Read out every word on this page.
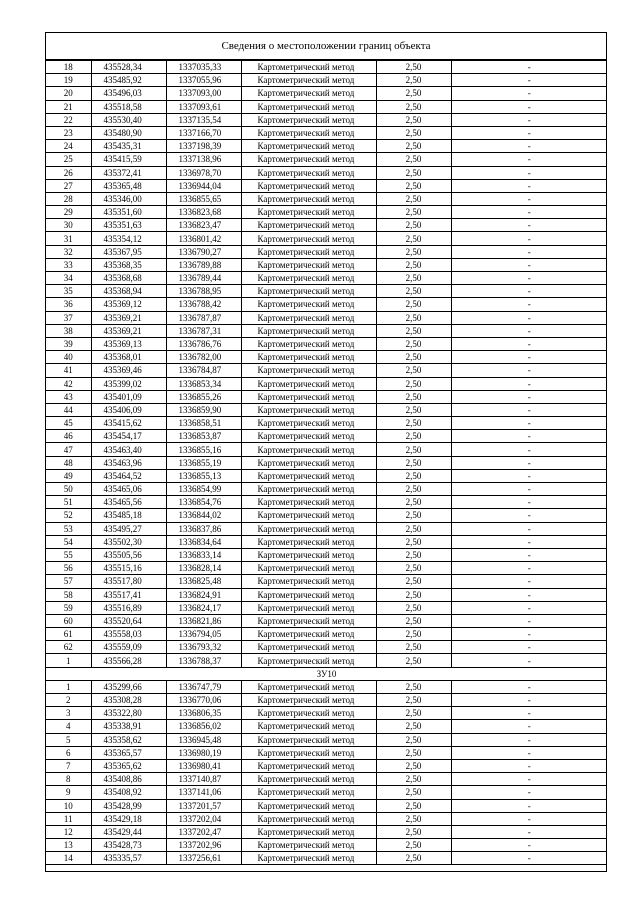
Сведения о местоположении границ объекта
18	435528,34	1337035,33	Картометрический метод	2,50	-
19	435485,92	1337055,96	Картометрический метод	2,50	-
20	435496,03	1337093,00	Картометрический метод	2,50	-
21	435518,58	1337093,61	Картометрический метод	2,50	-
22	435530,40	1337135,54	Картометрический метод	2,50	-
23	435480,90	1337166,70	Картометрический метод	2,50	-
24	435435,31	1337198,39	Картометрический метод	2,50	-
25	435415,59	1337138,96	Картометрический метод	2,50	-
26	435372,41	1336978,70	Картометрический метод	2,50	-
27	435365,48	1336944,04	Картометрический метод	2,50	-
28	435346,00	1336855,65	Картометрический метод	2,50	-
29	435351,60	1336823,68	Картометрический метод	2,50	-
30	435351,63	1336823,47	Картометрический метод	2,50	-
31	435354,12	1336801,42	Картометрический метод	2,50	-
32	435367,95	1336790,27	Картометрический метод	2,50	-
33	435368,35	1336789,88	Картометрический метод	2,50	-
34	435368,68	1336789,44	Картометрический метод	2,50	-
35	435368,94	1336788,95	Картометрический метод	2,50	-
36	435369,12	1336788,42	Картометрический метод	2,50	-
37	435369,21	1336787,87	Картометрический метод	2,50	-
38	435369,21	1336787,31	Картометрический метод	2,50	-
39	435369,13	1336786,76	Картометрический метод	2,50	-
40	435368,01	1336782,00	Картометрический метод	2,50	-
41	435369,46	1336784,87	Картометрический метод	2,50	-
42	435399,02	1336853,34	Картометрический метод	2,50	-
43	435401,09	1336855,26	Картометрический метод	2,50	-
44	435406,09	1336859,90	Картометрический метод	2,50	-
45	435415,62	1336858,51	Картометрический метод	2,50	-
46	435454,17	1336853,87	Картометрический метод	2,50	-
47	435463,40	1336855,16	Картометрический метод	2,50	-
48	435463,96	1336855,19	Картометрический метод	2,50	-
49	435464,52	1336855,13	Картометрический метод	2,50	-
50	435465,06	1336854,99	Картометрический метод	2,50	-
51	435465,56	1336854,76	Картометрический метод	2,50	-
52	435485,18	1336844,02	Картометрический метод	2,50	-
53	435495,27	1336837,86	Картометрический метод	2,50	-
54	435502,30	1336834,64	Картометрический метод	2,50	-
55	435505,56	1336833,14	Картометрический метод	2,50	-
56	435515,16	1336828,14	Картометрический метод	2,50	-
57	435517,80	1336825,48	Картометрический метод	2,50	-
58	435517,41	1336824,91	Картометрический метод	2,50	-
59	435516,89	1336824,17	Картометрический метод	2,50	-
60	435520,64	1336821,86	Картометрический метод	2,50	-
61	435558,03	1336794,05	Картометрический метод	2,50	-
62	435559,09	1336793,32	Картометрический метод	2,50	-
1	435566,28	1336788,37	Картометрический метод	2,50	-
ЗУ10					
1	435299,66	1336747,79	Картометрический метод	2,50	-
2	435308,28	1336770,06	Картометрический метод	2,50	-
3	435322,80	1336806,35	Картометрический метод	2,50	-
4	435338,91	1336856,02	Картометрический метод	2,50	-
5	435358,62	1336945,48	Картометрический метод	2,50	-
6	435365,57	1336980,19	Картометрический метод	2,50	-
7	435365,62	1336980,41	Картометрический метод	2,50	-
8	435408,86	1337140,87	Картометрический метод	2,50	-
9	435408,92	1337141,06	Картометрический метод	2,50	-
10	435428,99	1337201,57	Картометрический метод	2,50	-
11	435429,18	1337202,04	Картометрический метод	2,50	-
12	435429,44	1337202,47	Картометрический метод	2,50	-
13	435428,73	1337202,96	Картометрический метод	2,50	-
14	435335,57	1337256,61	Картометрический метод	2,50	-
